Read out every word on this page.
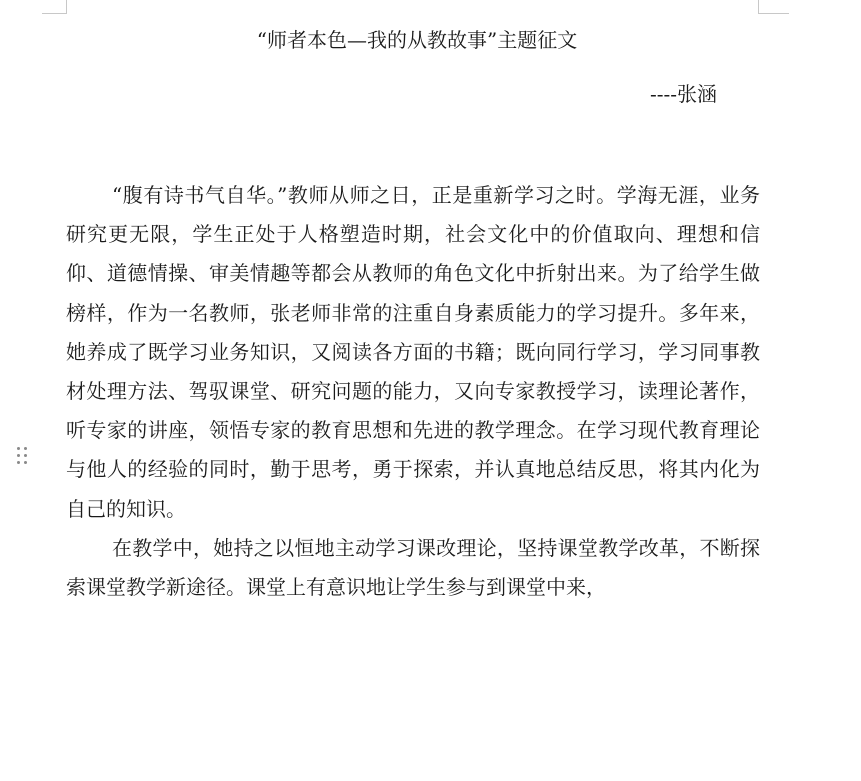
“师者本色—我的从教故事”主题征文
----张涵

“腹有诗书气自华。”教师从师之日，正是重新学习之时。学海无涯，业务研究更无限，学生正处于人格塑造时期，社会文化中的价值取向、理想和信仰、道德情操、审美情趣等都会从教师的角色文化中折射出来。为了给学生做榜样，作为一名教师，张老师非常的注重自身素质能力的学习提升。多年来，她养成了既学习业务知识，又阅读各方面的书籍；既向同行学习，学习同事教材处理方法、驾驭课堂、研究问题的能力，又向专家教授学习，读理论著作，听专家的讲座，领悟专家的教育思想和先进的教学理念。在学习现代教育理论与他人的经验的同时，勤于思考，勇于探索，并认真地总结反思，将其内化为自己的知识。

在教学中，她持之以恒地主动学习课改理论，坚持课堂教学改革，不断探索课堂教学新途径。课堂上有意识地让学生参与到课堂中来，
